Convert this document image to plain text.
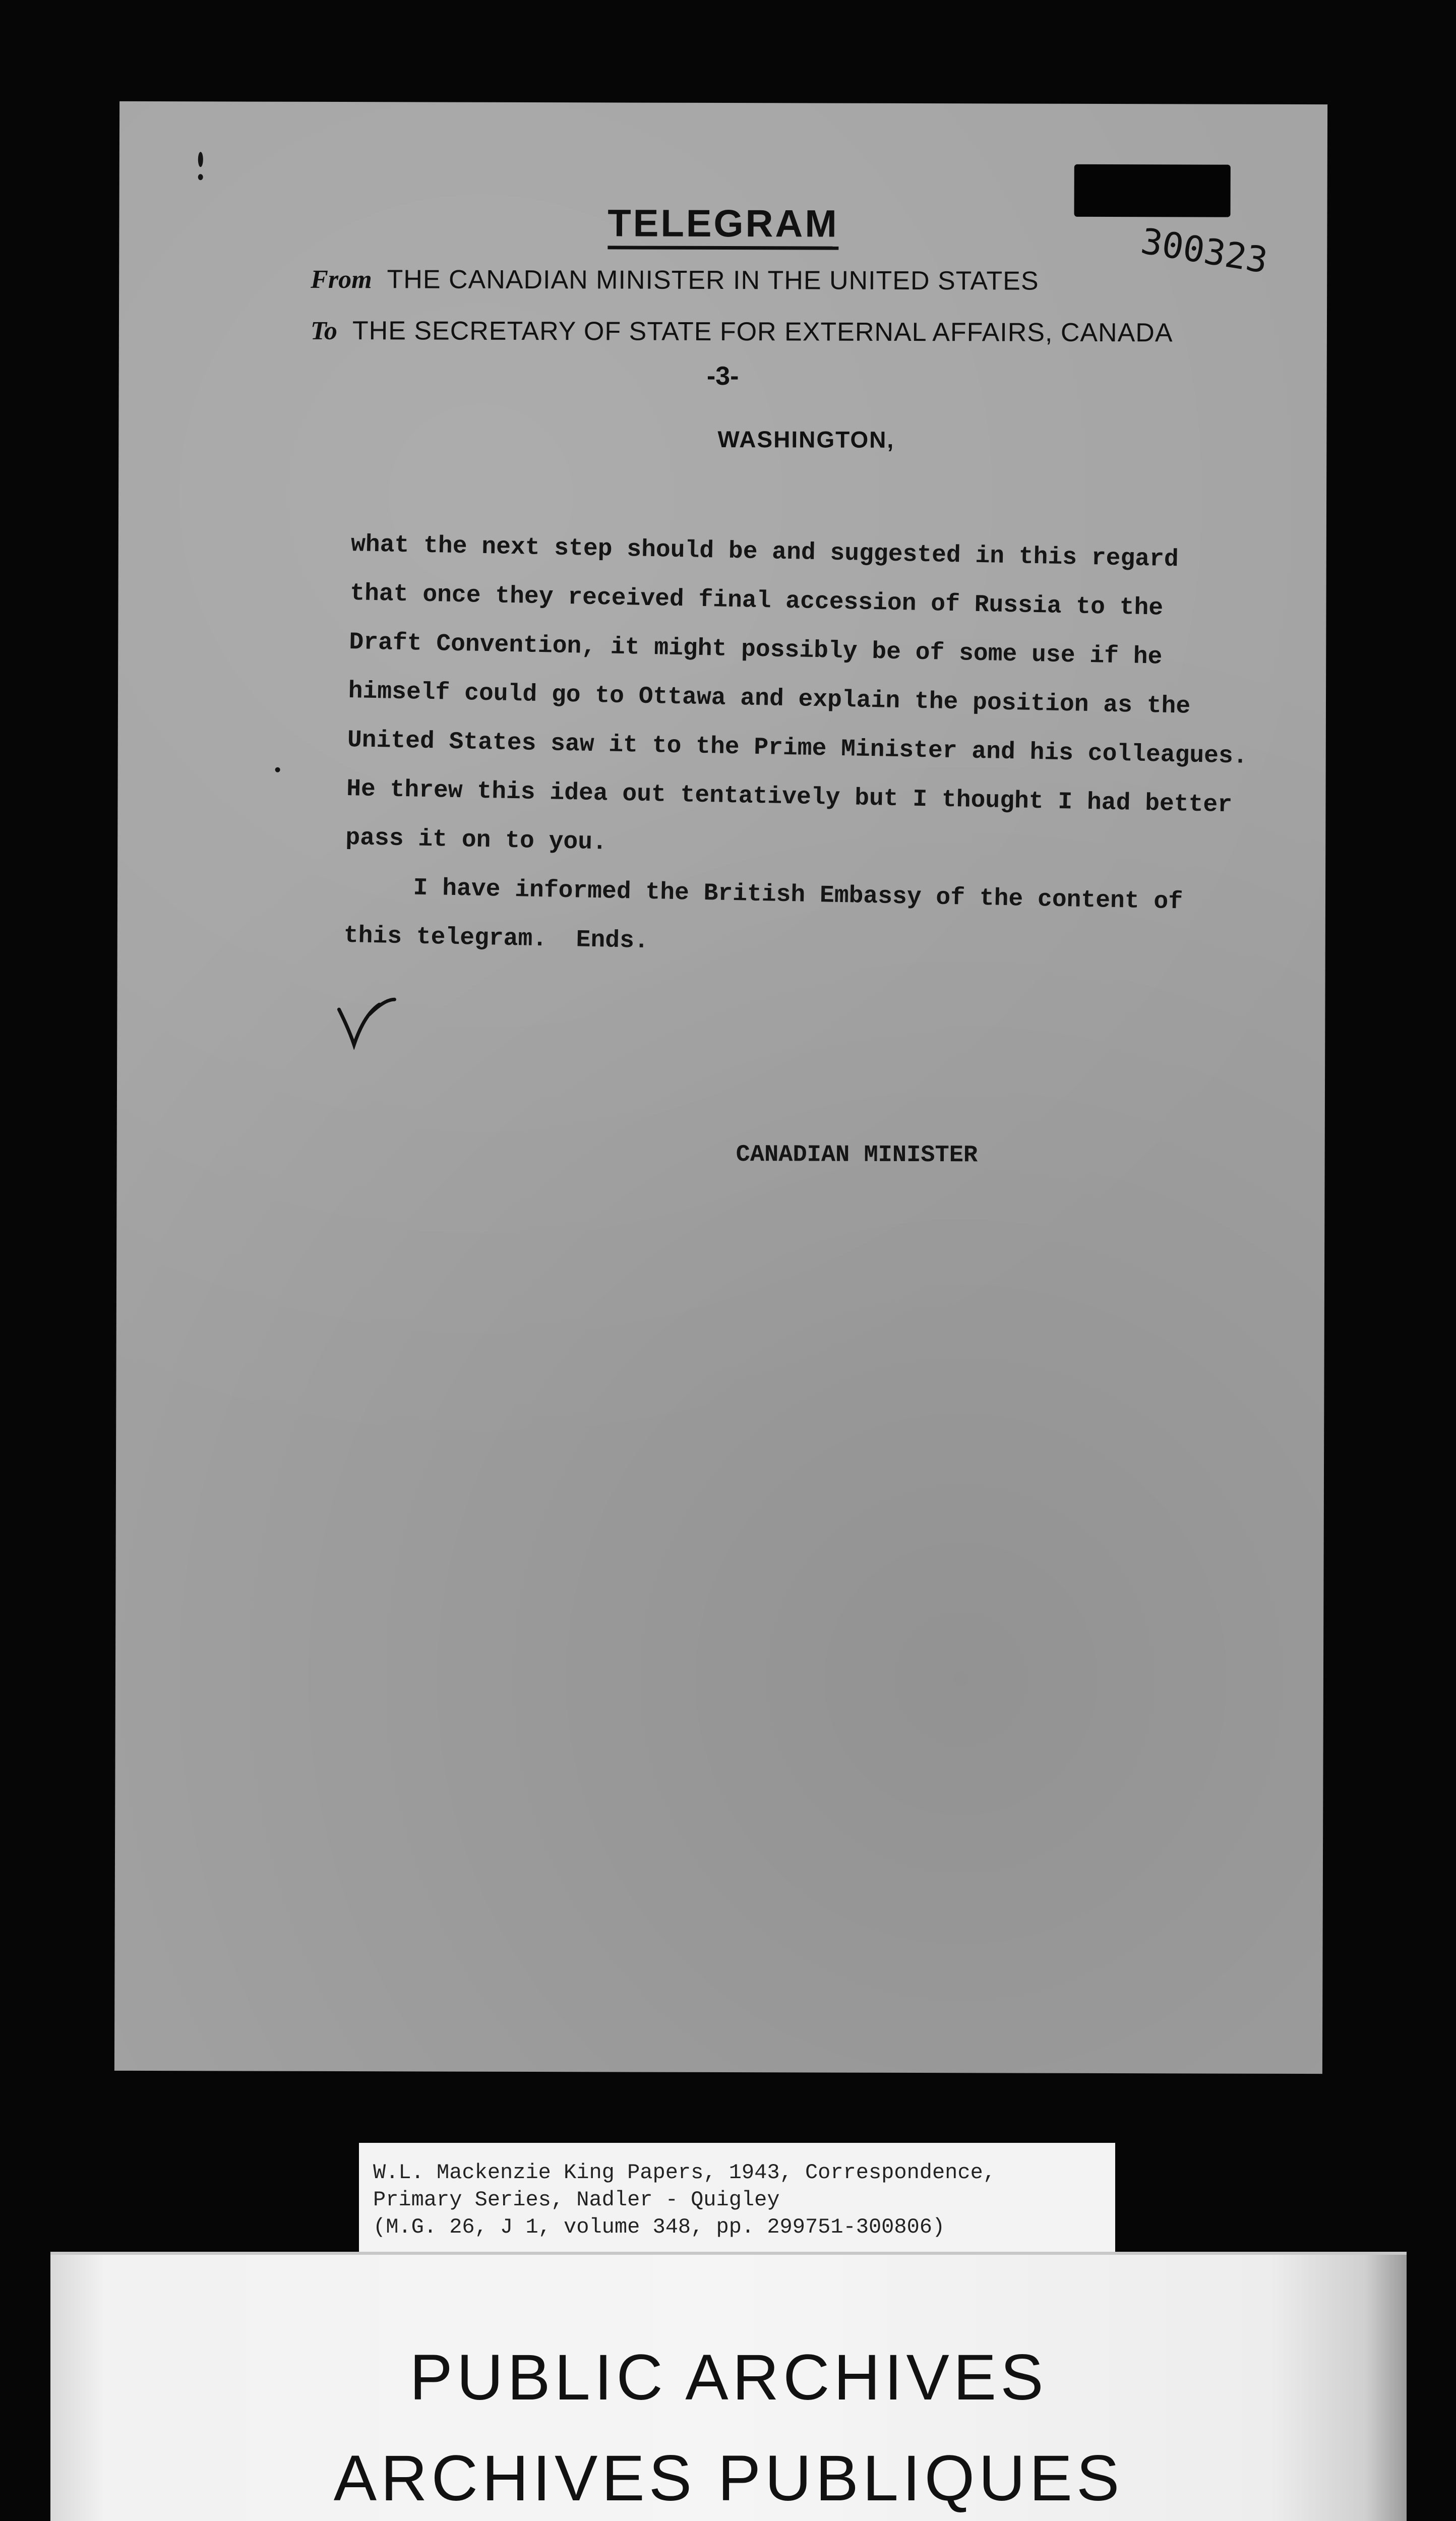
300323
TELEGRAM
From THE CANADIAN MINISTER IN THE UNITED STATES
To THE SECRETARY OF STATE FOR EXTERNAL AFFAIRS, CANADA
-3-
WASHINGTON,
what the next step should be and suggested in this regard
that once they received final accession of Russia to the
Draft Convention, it might possibly be of some use if he
himself could go to Ottawa and explain the position as the
United States saw it to the Prime Minister and his colleagues.
He threw this idea out tentatively but I thought I had better
pass it on to you.
I have informed the British Embassy of the content of
this telegram.  Ends.
CANADIAN MINISTER
W.L. Mackenzie King Papers, 1943, Correspondence,
Primary Series, Nadler - Quigley
(M.G. 26, J 1, volume 348, pp. 299751-300806)
PUBLIC ARCHIVES
ARCHIVES PUBLIQUES
